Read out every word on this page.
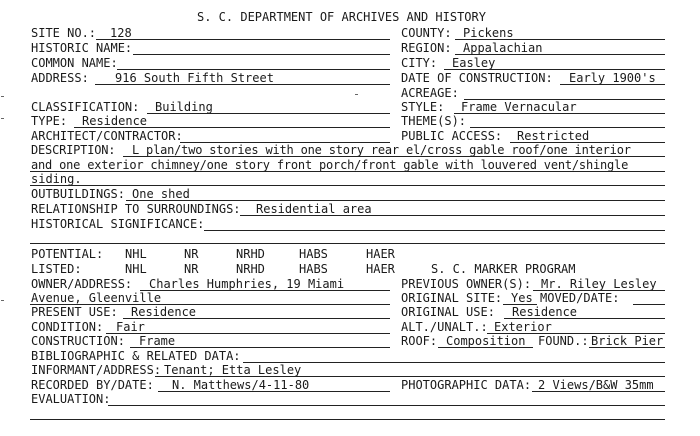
S. C. DEPARTMENT OF ARCHIVES AND HISTORY
SITE NO.: 128	COUNTY: Pickens
HISTORIC NAME:	REGION: Appalachian
COMMON NAME:	CITY: Easley
ADDRESS: 916 South Fifth Street	DATE OF CONSTRUCTION: Early 1900's
ACREAGE:
CLASSIFICATION: Building	STYLE: Frame Vernacular
TYPE: Residence	THEME(S):
ARCHITECT/CONTRACTOR:	PUBLIC ACCESS: Restricted
DESCRIPTION: L plan/two stories with one story rear el/cross gable roof/one interior
and one exterior chimney/one story front porch/front gable with louvered vent/shingle
siding.
OUTBUILDINGS: One shed
RELATIONSHIP TO SURROUNDINGS: Residential area
HISTORICAL SIGNIFICANCE:
POTENTIAL: NHL	NR	NRHD	HABS	HAER
LISTED:	NHL	NR	NRHD	HABS	HAER	S. C. MARKER PROGRAM
OWNER/ADDRESS: Charles Humphries, 19 Miami
Avenue, Gleenville
PREVIOUS OWNER(S): Mr. Riley Lesley
ORIGINAL SITE: Yes MOVED/DATE:
PRESENT USE: Residence	ORIGINAL USE: Residence
CONDITION: Fair	ALT./UNALT.: Exterior
CONSTRUCTION: Frame	ROOF: Composition FOUND.: Brick Pier
BIBLIOGRAPHIC & RELATED DATA:
INFORMANT/ADDRESS: Tenant; Etta Lesley
RECORDED BY/DATE: N. Matthews/4-11-80	PHOTOGRAPHIC DATA: 2 Views/B&W 35mm
EVALUATION:
